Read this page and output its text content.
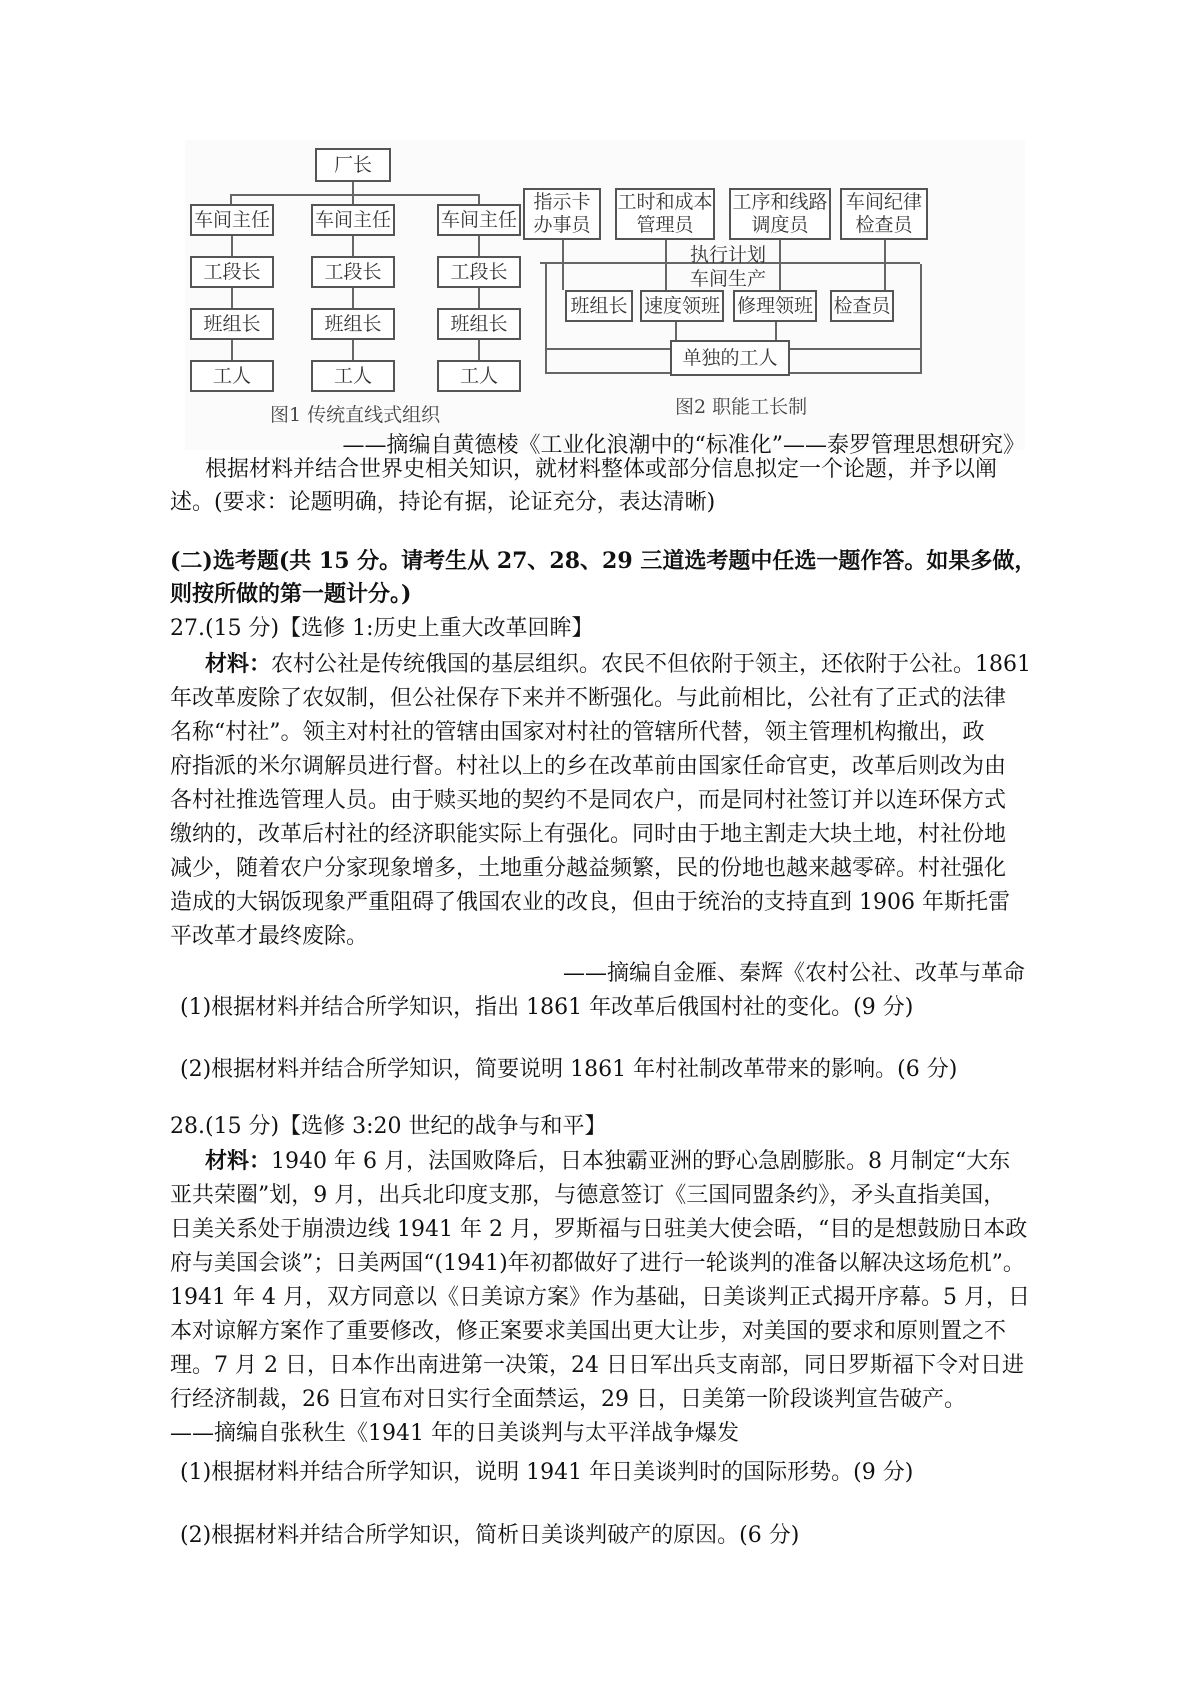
厂长
车间主任 车间主任	车间主任
工段长	工段长	工段长
班组长	班组长	班组长
工人	工人	工人
图1 传统直线式组织
指示卡
办事员
工时和成本
管理员
工序和线路
调度员
车间纪律
检查员
执行计划
车间生产
班组长 速度领班 修理领班 检查员
单独的工人
图2 职能工长制
——摘编自黄德棱《工业化浪潮中的“标准化”——泰罗管理思想研究》
根据材料并结合世界史相关知识，就材料整体或部分信息拟定一个论题，并予以阐
述。(要求：论题明确，持论有据，论证充分，表达清晰)
(二)选考题(共 15 分。请考生从 27、28、29 三道选考题中任选一题作答。如果多做，
则按所做的第一题计分。)
27.(15 分)【选修 1:历史上重大改革回眸】
材料：农村公社是传统俄国的基层组织。农民不但依附于领主，还依附于公社。1861
年改革废除了农奴制，但公社保存下来并不断强化。与此前相比，公社有了正式的法律
名称“村社”。领主对村社的管辖由国家对村社的管辖所代替，领主管理机构撤出，政
府指派的米尔调解员进行督。村社以上的乡在改革前由国家任命官吏，改革后则改为由
各村社推选管理人员。由于赎买地的契约不是同农户，而是同村社签订并以连环保方式
缴纳的，改革后村社的经济职能实际上有强化。同时由于地主割走大块土地，村社份地
减少，随着农户分家现象增多，土地重分越益频繁，民的份地也越来越零碎。村社强化
造成的大锅饭现象严重阻碍了俄国农业的改良，但由于统治的支持直到 1906 年斯托雷
平改革才最终废除。
——摘编自金雁、秦辉《农村公社、改革与革命
(1)根据材料并结合所学知识，指出 1861 年改革后俄国村社的变化。(9 分)
(2)根据材料并结合所学知识，简要说明 1861 年村社制改革带来的影响。(6 分)
28.(15 分)【选修 3:20 世纪的战争与和平】
材料：1940 年 6 月，法国败降后，日本独霸亚洲的野心急剧膨胀。8 月制定“大东
亚共荣圈”划，9 月，出兵北印度支那，与德意签订《三国同盟条约》，矛头直指美国，
日美关系处于崩溃边线 1941 年 2 月，罗斯福与日驻美大使会晤，“目的是想鼓励日本政
府与美国会谈”；日美两国“(1941)年初都做好了进行一轮谈判的准备以解决这场危机”。
1941 年 4 月，双方同意以《日美谅方案》作为基础，日美谈判正式揭开序幕。5 月，日
本对谅解方案作了重要修改，修正案要求美国出更大让步，对美国的要求和原则置之不
理。7 月 2 日，日本作出南进第一决策，24 日日军出兵支南部，同日罗斯福下令对日进
行经济制裁，26 日宣布对日实行全面禁运，29 日，日美第一阶段谈判宣告破产。
——摘编自张秋生《1941 年的日美谈判与太平洋战争爆发
(1)根据材料并结合所学知识，说明 1941 年日美谈判时的国际形势。(9 分)
(2)根据材料并结合所学知识，简析日美谈判破产的原因。(6 分)
